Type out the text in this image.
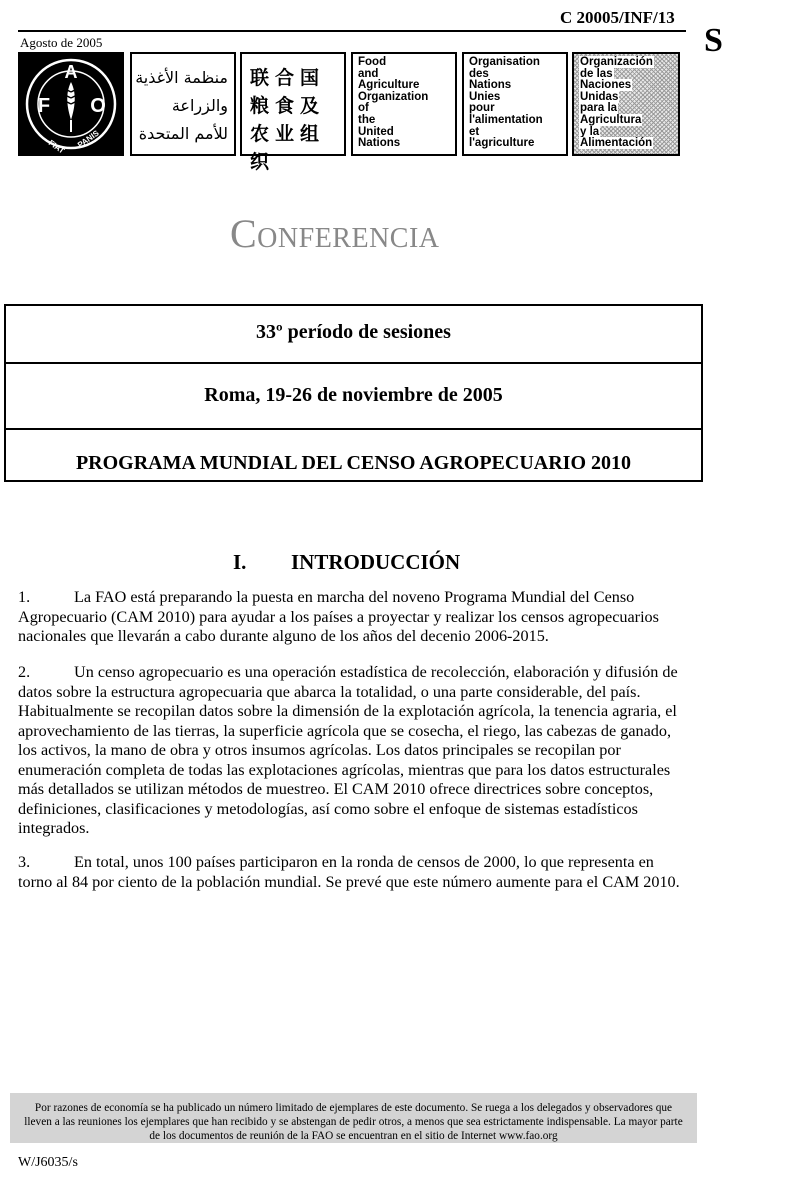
C 20005/INF/13
S
Agosto de 2005
F
A
O
FIAT PANIS
منظمة الأغذية
والزراعة
للأمم المتحدة
联合国
粮食及
农业组织
Food
and
Agriculture
Organization
of
the
United
Nations
Organisation
des
Nations
Unies
pour
l'alimentation
et
l'agriculture
Organización
de las
Naciones
Unidas
para la
Agricultura
y la
Alimentación
Conferencia
33º período de sesiones
Roma, 19-26 de noviembre de 2005
PROGRAMA MUNDIAL DEL CENSO AGROPECUARIO 2010
I. INTRODUCCIÓN

1.	La FAO está preparando la puesta en marcha del noveno Programa Mundial del Censo Agropecuario (CAM 2010) para ayudar a los países a proyectar y realizar los censos agropecuarios nacionales que llevarán a cabo durante alguno de los años del decenio 2006-2015.

2.	Un censo agropecuario es una operación estadística de recolección, elaboración y difusión de datos sobre la estructura agropecuaria que abarca la totalidad, o una parte considerable, del país. Habitualmente se recopilan datos sobre la dimensión de la explotación agrícola, la tenencia agraria, el aprovechamiento de las tierras, la superficie agrícola que se cosecha, el riego, las cabezas de ganado, los activos, la mano de obra y otros insumos agrícolas. Los datos principales se recopilan por enumeración completa de todas las explotaciones agrícolas, mientras que para los datos estructurales más detallados se utilizan métodos de muestreo. El CAM 2010 ofrece directrices sobre conceptos, definiciones, clasificaciones y metodologías, así como sobre el enfoque de sistemas estadísticos integrados.

3.	En total, unos 100 países participaron en la ronda de censos de 2000, lo que representa en torno al 84 por ciento de la población mundial. Se prevé que este número aumente para el CAM 2010.

Por razones de economía se ha publicado un número limitado de ejemplares de este documento. Se ruega a los delegados y observadores que lleven a las reuniones los ejemplares que han recibido y se abstengan de pedir otros, a menos que sea estrictamente indispensable. La mayor parte de los documentos de reunión de la FAO se encuentran en el sitio de Internet www.fao.org
W/J6035/s
